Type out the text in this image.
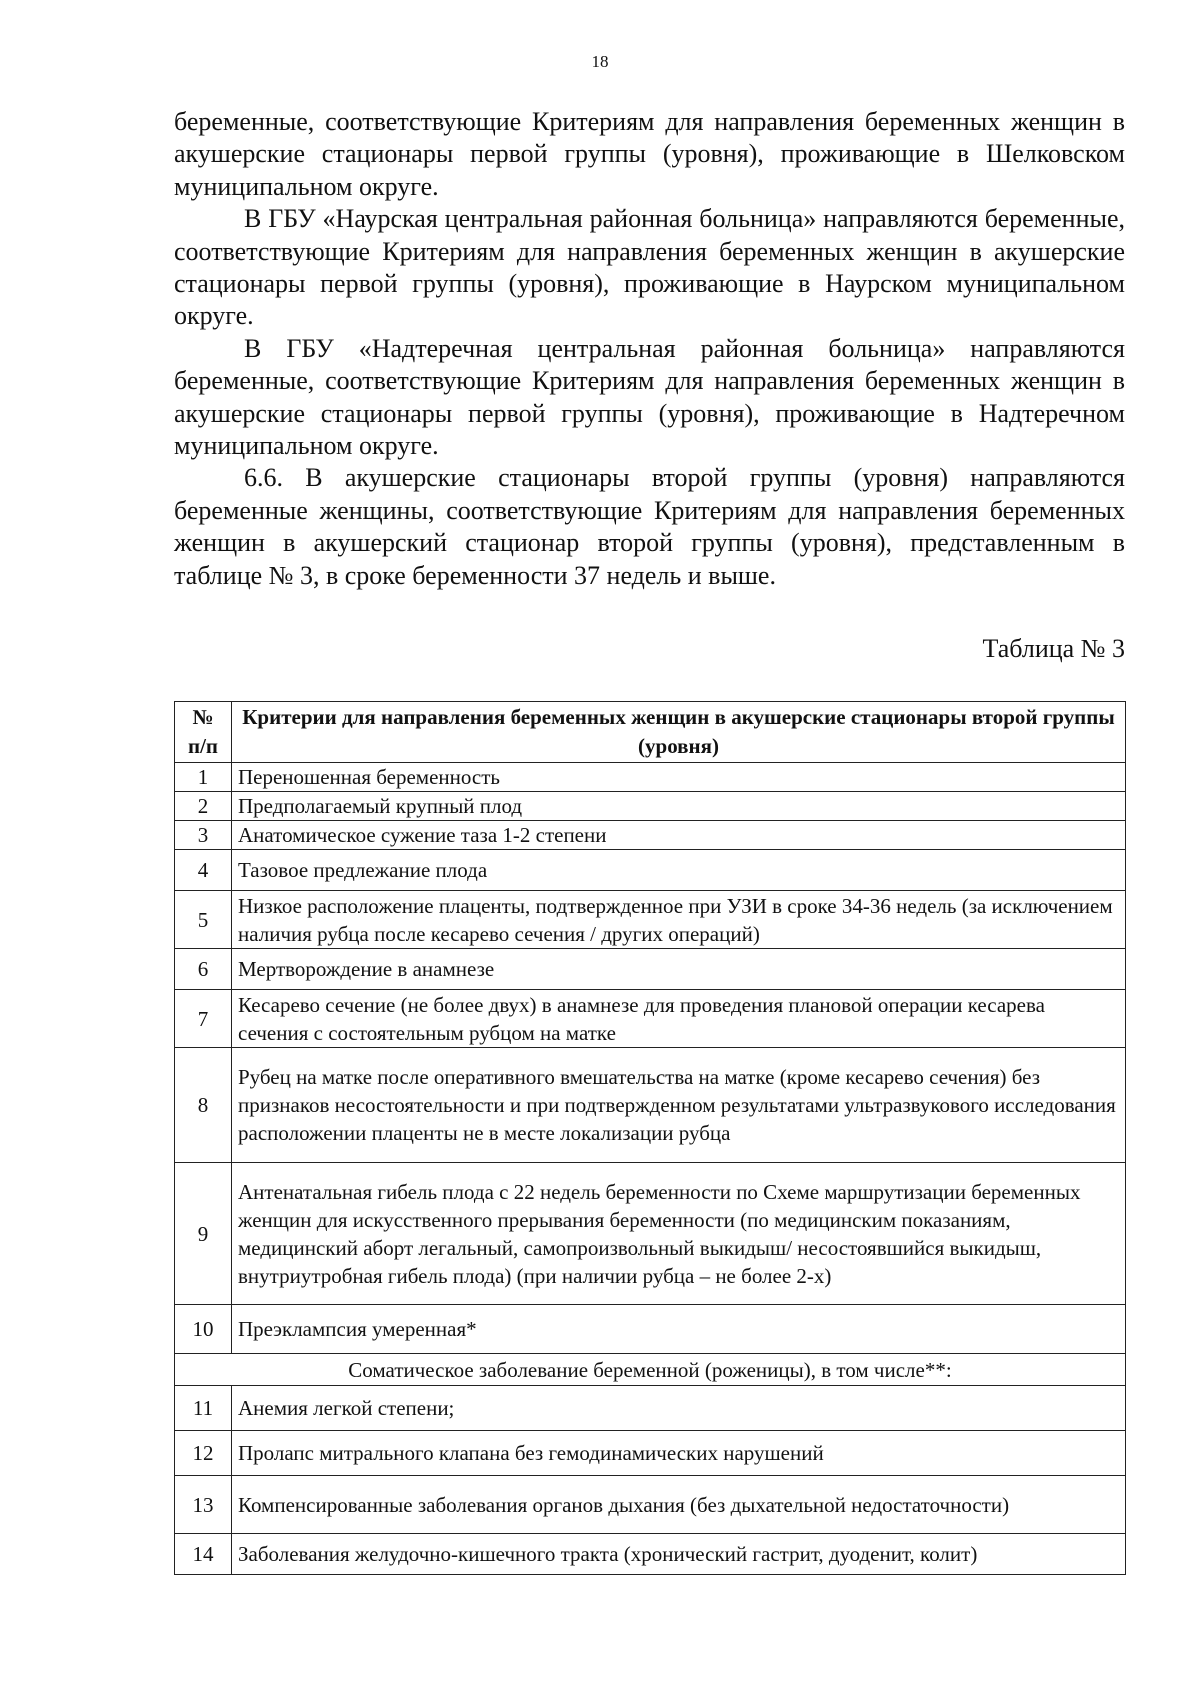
18

беременные, соответствующие Критериям для направления беременных женщин в акушерские стационары первой группы (уровня), проживающие в Шелковском муниципальном округе.

В ГБУ «Наурская центральная районная больница» направляются беременные, соответствующие Критериям для направления беременных женщин в акушерские стационары первой группы (уровня), проживающие в Наурском муниципальном округе.

В ГБУ «Надтеречная центральная районная больница» направляются беременные, соответствующие Критериям для направления беременных женщин в акушерские стационары первой группы (уровня), проживающие в Надтеречном муниципальном округе.

6.6. В акушерские стационары второй группы (уровня) направляются беременные женщины, соответствующие Критериям для направления беременных женщин в акушерский стационар второй группы (уровня), представленным в таблице № 3, в сроке беременности 37 недель и выше.

Таблица № 3
№ п/п	Критерии для направления беременных женщин в акушерские стационары второй группы (уровня)
1	Переношенная беременность
2	Предполагаемый крупный плод
3	Анатомическое сужение таза 1-2 степени
4	Тазовое предлежание плода
5	Низкое расположение плаценты, подтвержденное при УЗИ в сроке 34-36 недель (за исключением наличия рубца после кесарево сечения / других операций)
6	Мертворождение в анамнезе
7	Кесарево сечение (не более двух) в анамнезе для проведения плановой операции кесарева сечения с состоятельным рубцом на матке
8	Рубец на матке после оперативного вмешательства на матке (кроме кесарево сечения) без признаков несостоятельности и при подтвержденном результатами ультразвукового исследования расположении плаценты не в месте локализации рубца
9	Антенатальная гибель плода с 22 недель беременности по Схеме маршрутизации беременных женщин для искусственного прерывания беременности (по медицинским показаниям, медицинский аборт легальный, самопроизвольный выкидыш/ несостоявшийся выкидыш, внутриутробная гибель плода) (при наличии рубца – не более 2-х)
10	Преэклампсия умеренная*
Соматическое заболевание беременной (роженицы), в том числе**:	
11	Анемия легкой степени;
12	Пролапс митрального клапана без гемодинамических нарушений
13	Компенсированные заболевания органов дыхания (без дыхательной недостаточности)
14	Заболевания желудочно-кишечного тракта (хронический гастрит, дуоденит, колит)
